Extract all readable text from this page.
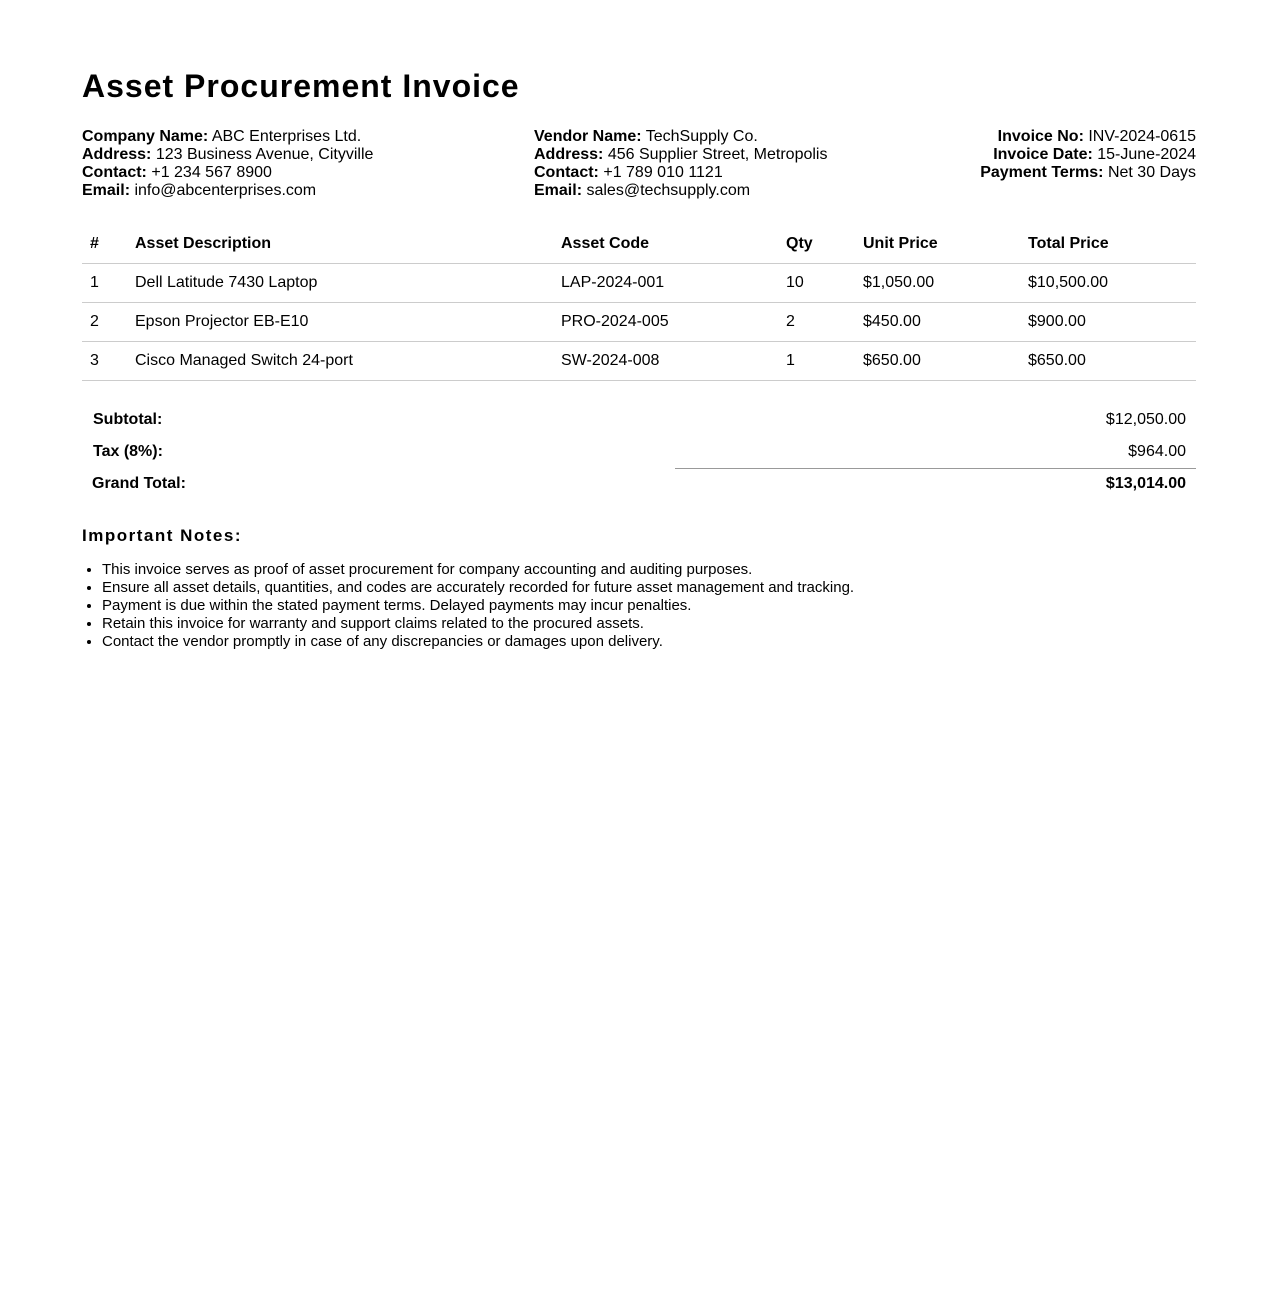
Asset Procurement Invoice
Company Name: ABC Enterprises Ltd.
Address: 123 Business Avenue, Cityville
Contact: +1 234 567 8900
Email: info@abcenterprises.com
Vendor Name: TechSupply Co.
Address: 456 Supplier Street, Metropolis
Contact: +1 789 010 1121
Email: sales@techsupply.com
Invoice No: INV-2024-0615
Invoice Date: 15-June-2024
Payment Terms: Net 30 Days
#	Asset Description	Asset Code	Qty	Unit Price	Total Price
1	Dell Latitude 7430 Laptop	LAP-2024-001	10	$1,050.00	$10,500.00
2	Epson Projector EB-E10	PRO-2024-005	2	$450.00	$900.00
3	Cisco Managed Switch 24-port	SW-2024-008	1	$650.00	$650.00
Subtotal:	$12,050.00
Tax (8%):	$964.00
Grand Total:	$13,014.00
Important Notes:
• This invoice serves as proof of asset procurement for company accounting and auditing purposes.
• Ensure all asset details, quantities, and codes are accurately recorded for future asset management and tracking.
• Payment is due within the stated payment terms. Delayed payments may incur penalties.
• Retain this invoice for warranty and support claims related to the procured assets.
• Contact the vendor promptly in case of any discrepancies or damages upon delivery.
